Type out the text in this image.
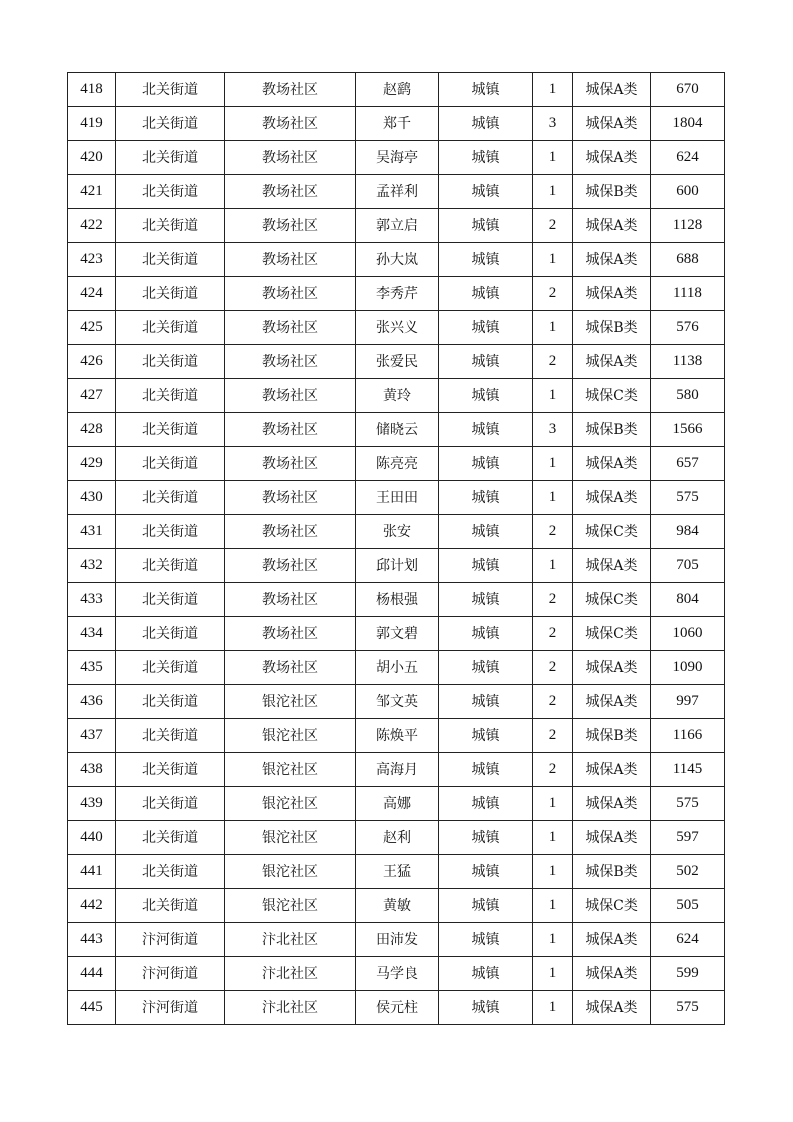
418	北关街道	教场社区	赵鹞	城镇	1	城保A类	670
419	北关街道	教场社区	郑千	城镇	3	城保A类	1804
420	北关街道	教场社区	吴海亭	城镇	1	城保A类	624
421	北关街道	教场社区	孟祥利	城镇	1	城保B类	600
422	北关街道	教场社区	郭立启	城镇	2	城保A类	1128
423	北关街道	教场社区	孙大岚	城镇	1	城保A类	688
424	北关街道	教场社区	李秀芹	城镇	2	城保A类	1118
425	北关街道	教场社区	张兴义	城镇	1	城保B类	576
426	北关街道	教场社区	张爱民	城镇	2	城保A类	1138
427	北关街道	教场社区	黄玲	城镇	1	城保C类	580
428	北关街道	教场社区	储晓云	城镇	3	城保B类	1566
429	北关街道	教场社区	陈亮亮	城镇	1	城保A类	657
430	北关街道	教场社区	王田田	城镇	1	城保A类	575
431	北关街道	教场社区	张安	城镇	2	城保C类	984
432	北关街道	教场社区	邱计划	城镇	1	城保A类	705
433	北关街道	教场社区	杨根强	城镇	2	城保C类	804
434	北关街道	教场社区	郭文碧	城镇	2	城保C类	1060
435	北关街道	教场社区	胡小五	城镇	2	城保A类	1090
436	北关街道	银沱社区	邹文英	城镇	2	城保A类	997
437	北关街道	银沱社区	陈焕平	城镇	2	城保B类	1166
438	北关街道	银沱社区	高海月	城镇	2	城保A类	1145
439	北关街道	银沱社区	高娜	城镇	1	城保A类	575
440	北关街道	银沱社区	赵利	城镇	1	城保A类	597
441	北关街道	银沱社区	王猛	城镇	1	城保B类	502
442	北关街道	银沱社区	黄敏	城镇	1	城保C类	505
443	汴河街道	汴北社区	田沛发	城镇	1	城保A类	624
444	汴河街道	汴北社区	马学良	城镇	1	城保A类	599
445	汴河街道	汴北社区	侯元柱	城镇	1	城保A类	575
